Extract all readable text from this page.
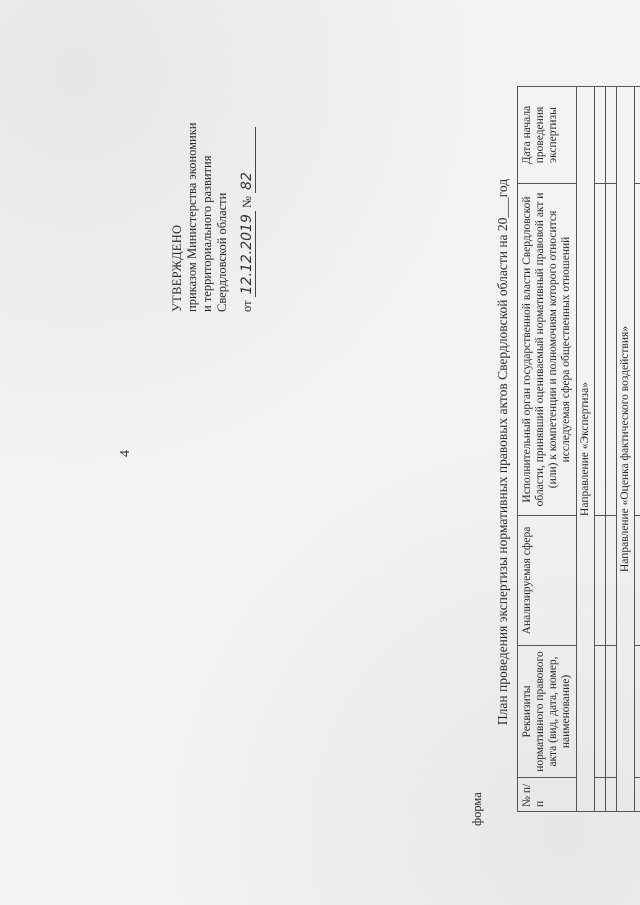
4
УТВЕРЖДЕНО приказом Министерства экономики и территориального развития Свердловской области от 12.12.2019 № 82
форма
План проведения экспертизы нормативных правовых актов Свердловской области на 20___год
№ п/п	Реквизиты нормативного правового акта (вид, дата, номер, наименование)	Анализируемая сфера	Исполнительный орган государственной власти Свердловской области, принявший оцениваемый нормативный правовой акт и (или) к компетенции и полномочиям которого относится исследуемая сфера общественных отношений	Дата начала проведения экспертизы
Направление «Экспертиза»				

Направление «Оценка фактического воздействия»				
